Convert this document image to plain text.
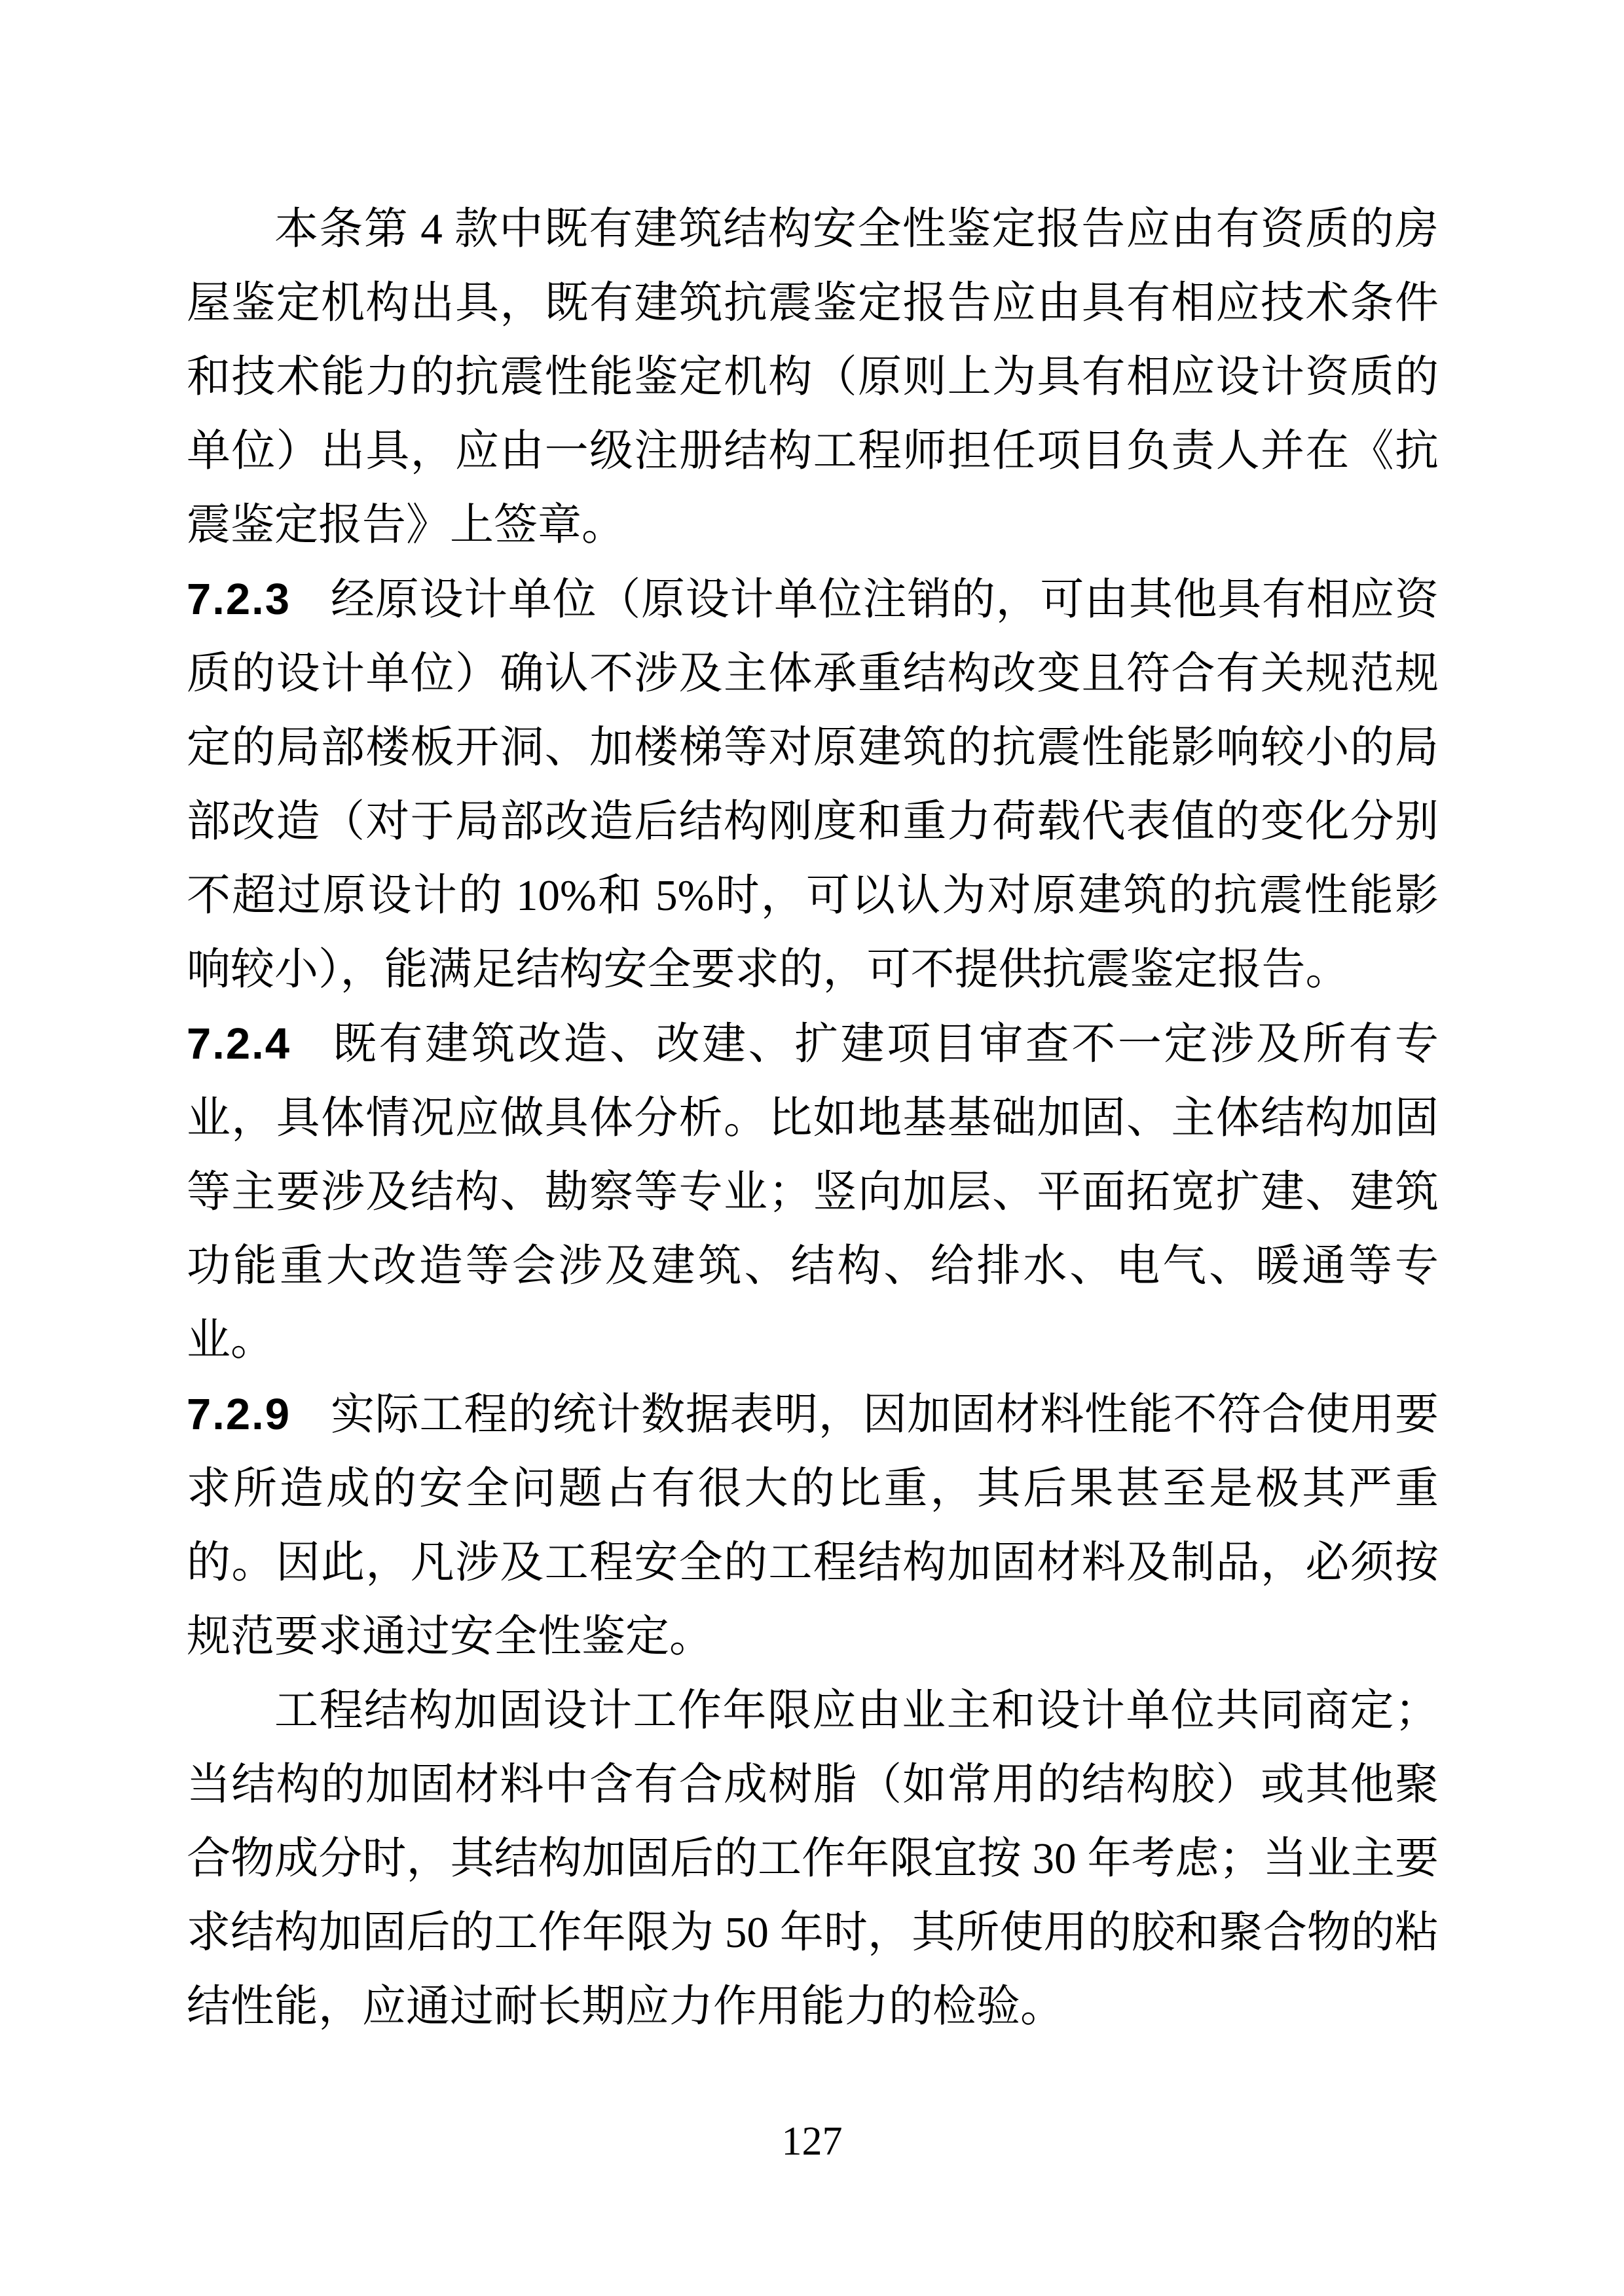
本条第 4 款中既有建筑结构安全性鉴定报告应由有资质的房屋鉴定机构出具，既有建筑抗震鉴定报告应由具有相应技术条件和技术能力的抗震性能鉴定机构（原则上为具有相应设计资质的单位）出具，应由一级注册结构工程师担任项目负责人并在《抗震鉴定报告》上签章。

7.2.3 经原设计单位（原设计单位注销的，可由其他具有相应资质的设计单位）确认不涉及主体承重结构改变且符合有关规范规定的局部楼板开洞、加楼梯等对原建筑的抗震性能影响较小的局部改造（对于局部改造后结构刚度和重力荷载代表值的变化分别不超过原设计的 10%和 5%时，可以认为对原建筑的抗震性能影响较小），能满足结构安全要求的，可不提供抗震鉴定报告。

7.2.4 既有建筑改造、改建、扩建项目审查不一定涉及所有专业，具体情况应做具体分析。比如地基基础加固、主体结构加固等主要涉及结构、勘察等专业；竖向加层、平面拓宽扩建、建筑功能重大改造等会涉及建筑、结构、给排水、电气、暖通等专业。

7.2.9 实际工程的统计数据表明，因加固材料性能不符合使用要求所造成的安全问题占有很大的比重，其后果甚至是极其严重的。因此，凡涉及工程安全的工程结构加固材料及制品，必须按规范要求通过安全性鉴定。

工程结构加固设计工作年限应由业主和设计单位共同商定；当结构的加固材料中含有合成树脂（如常用的结构胶）或其他聚合物成分时，其结构加固后的工作年限宜按 30 年考虑；当业主要求结构加固后的工作年限为 50 年时，其所使用的胶和聚合物的粘结性能，应通过耐长期应力作用能力的检验。

127
